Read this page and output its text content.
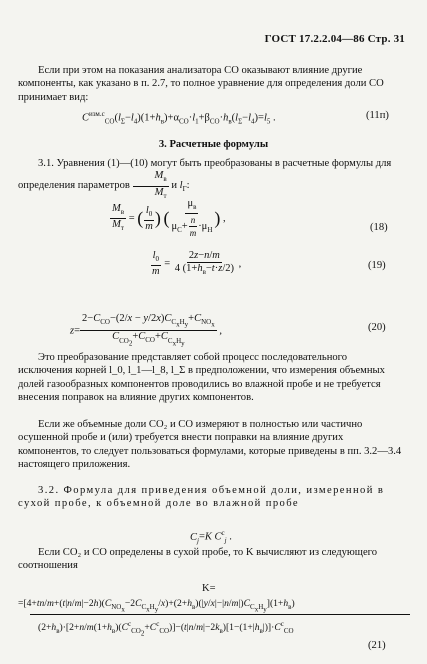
ГОСТ 17.2.2.04—86 Стр. 31
Если при этом на показания анализатора CO оказывают влияние другие компоненты, как указано в п. 2.7, то полное уравнение для определения доли CO принимает вид:
$C^{изм.с}_{CO}(l_\Sigma-l_4)(1+h_в)+\alpha_{CO}\cdot l_1+\beta_{CO}\cdot h_в(l_\Sigma-l_4)=l_5$ .	(11п)
3. Расчетные формулы
3.1. Уравнения (1)—(10) могут быть преобразованы в расчетные формулы для определения параметров $\frac{M_в}{M_т}$ и $l_\Gamma$:
$\frac{M_в}{M_т}$ = ( $\frac{l_0}{m}$ ) ( $\frac{\mu_в}{\mu_C+ \frac{n}{m} \cdot\mu_H}$ ) ,
(18)
$\frac{l_0}{m} = \frac{2z-n/m}{4 (1+h_в-t\cdot z/2)}$ ,	(19)
$z= \frac{2-C_{CO}-(2/x - y/2x)C_{C_xH_y}+C_{NO_x}}{C_{CO_2}+C_{CO}+C_{C_xH_y}}$ ,	(20)
Это преобразование представляет собой процесс последовательного исключения корней l_0, l_1—l_8, l_Σ в предположении, что измерения объемных долей газообразных компонентов проводились во влажной пробе и не требуется внесения поправок на влияние других компонентов.
Если же объемные доли CO₂ и CO измеряют в полностью или частично осушенной пробе и (или) требуется внести поправки на влияние других компонентов, то следует пользоваться формулами, которые приведены в пп. 3.2—3.4 настоящего приложения.
3.2. Формула для приведения объемной доли, измеренной в сухой пробе, к объемной доле во влажной пробе
$C_j=K$ $C^с_j$ .
Если CO₂ и CO определены в сухой пробе, то K вычисляют из следующего соотношения
K=
$=[4+tn/m+(t|n/m|-2h)(C_{NO_x}-2C_{C_xH_y}/x)+(2+h_в)(|y/x|-|n/m|)C_{C_xH_y}](1+h_в)$
$(2+h_в)\cdot[2+n/m(1+h_в)(C^с_{CO_2}+C^с_{CO})]-(t|n/m|-2k_в)[1-(1+|h_в|)]\cdot C^с_{CO}$
(21)
